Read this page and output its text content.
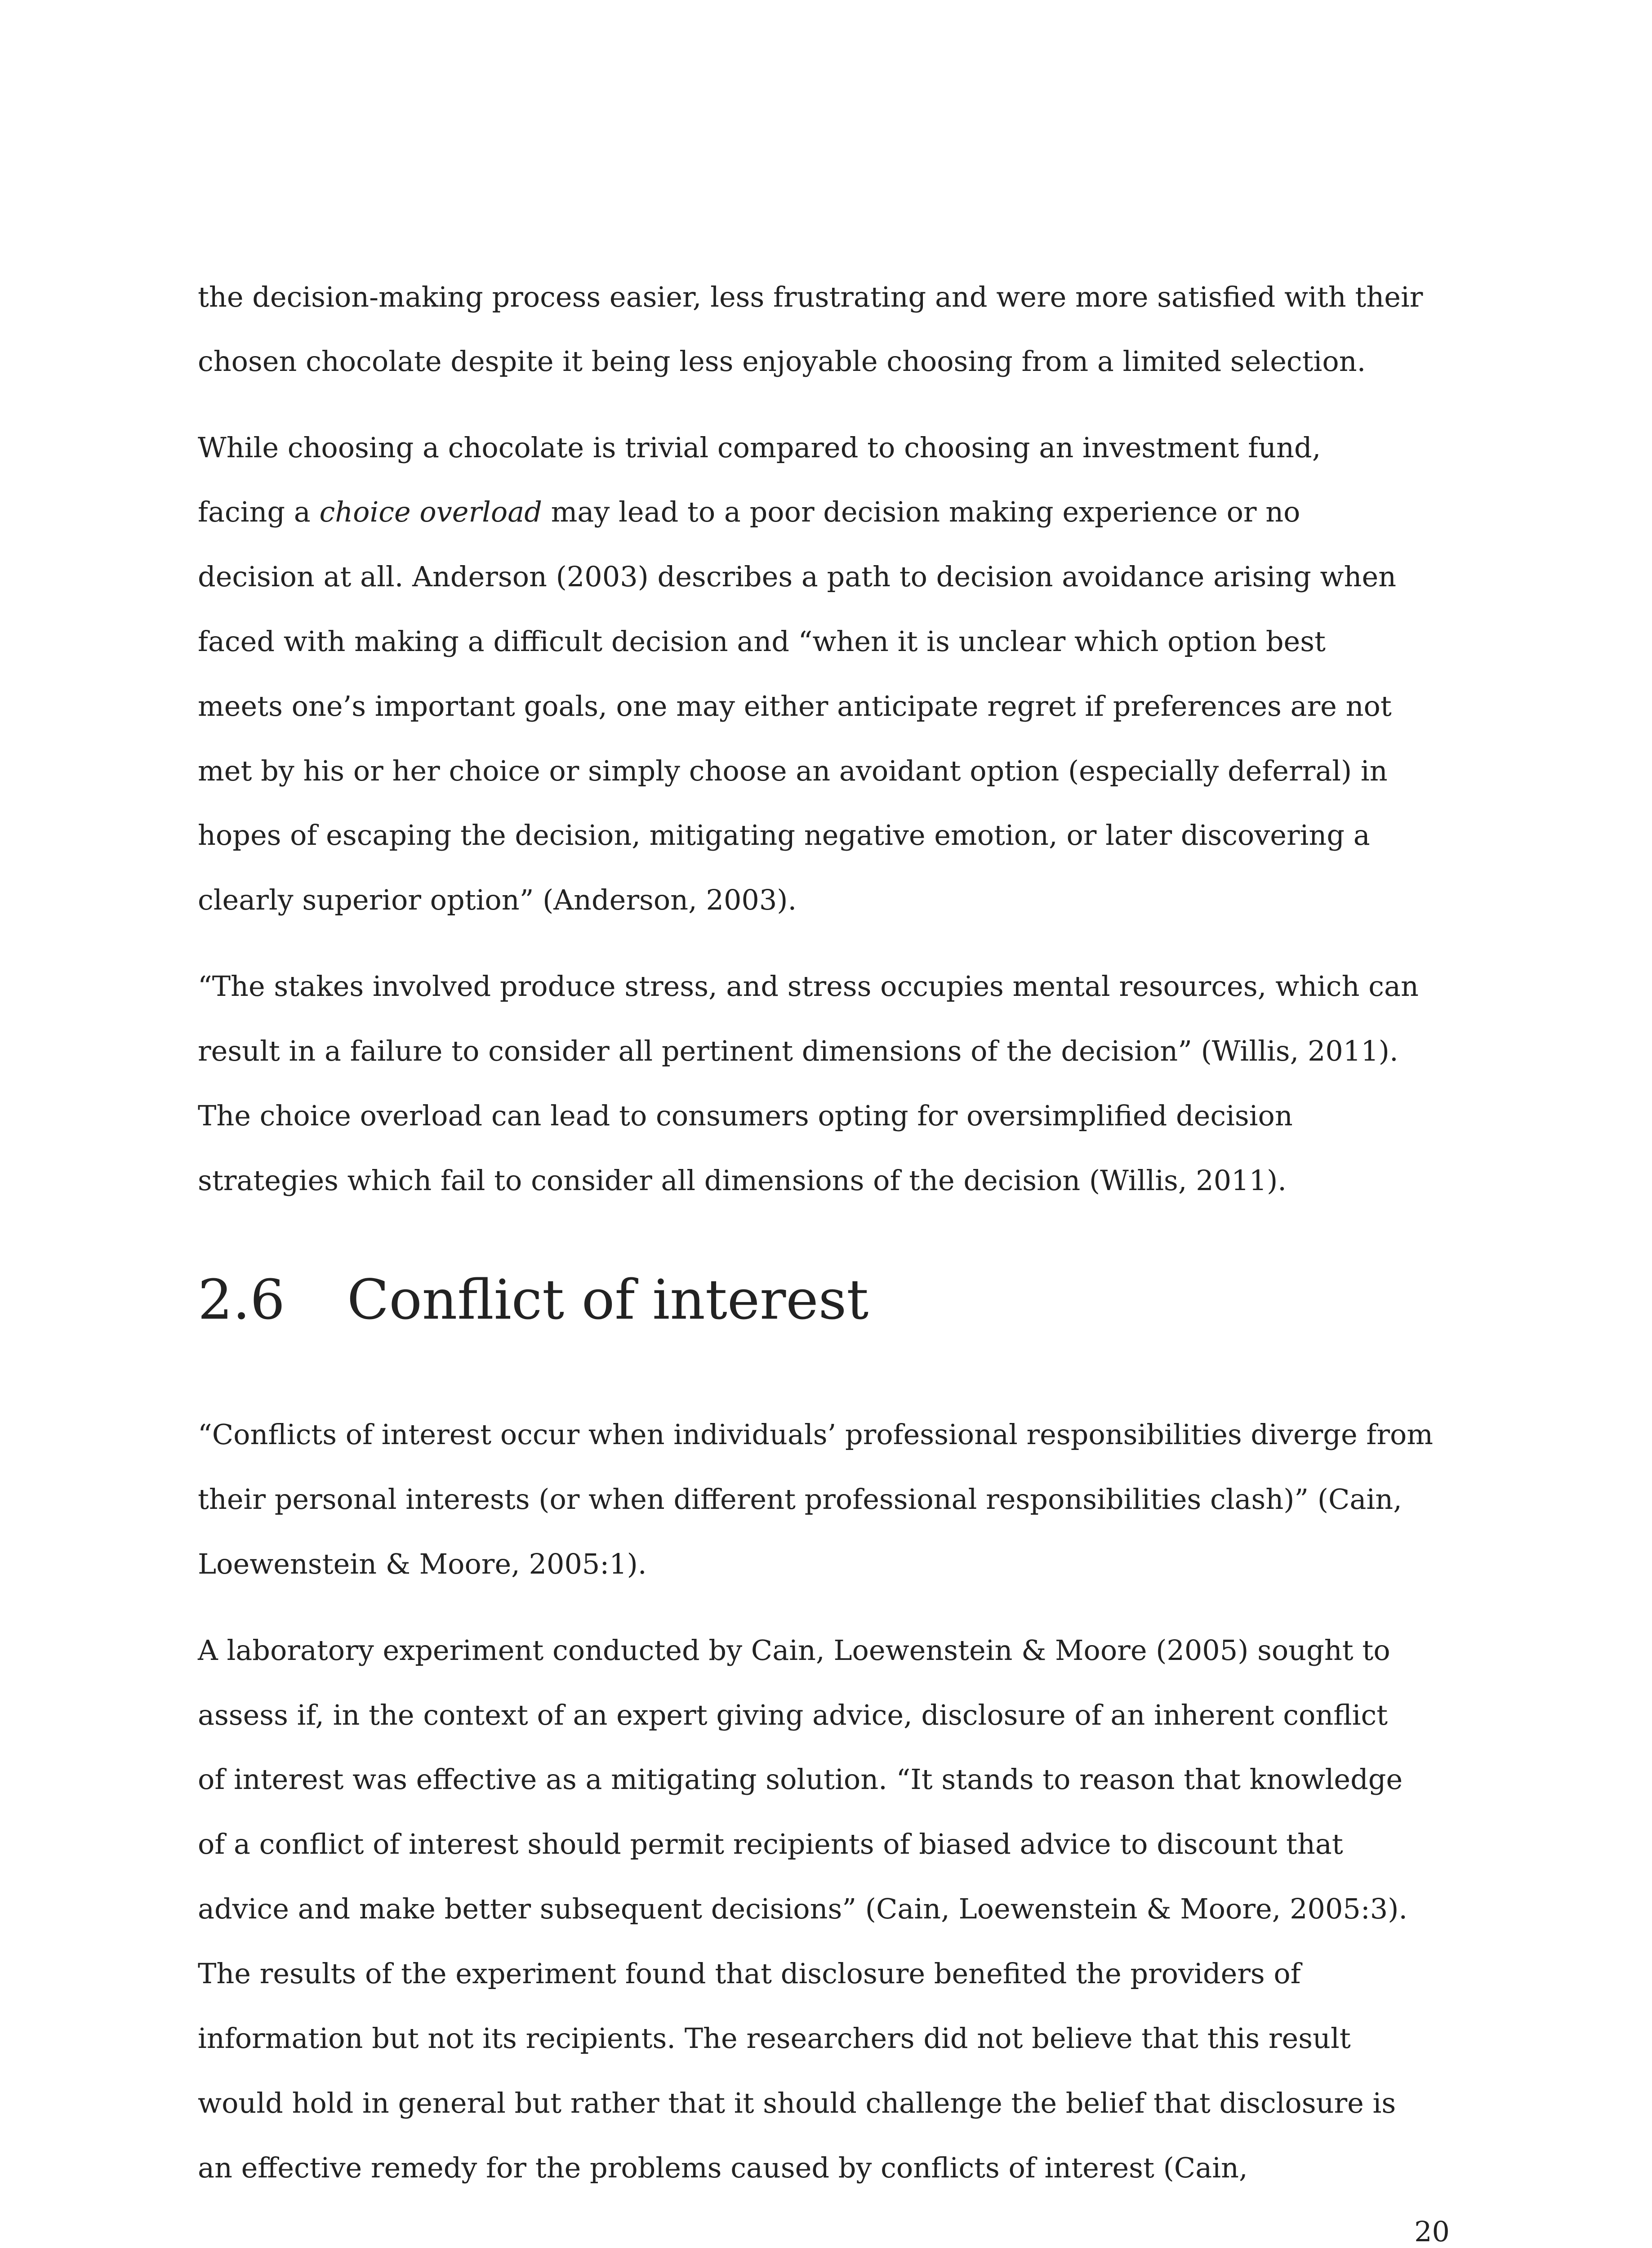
the decision-making process easier, less frustrating and were more satisfied with their
chosen chocolate despite it being less enjoyable choosing from a limited selection.
While choosing a chocolate is trivial compared to choosing an investment fund,
facing a choice overload may lead to a poor decision making experience or no
decision at all. Anderson (2003) describes a path to decision avoidance arising when
faced with making a difficult decision and “when it is unclear which option best
meets one’s important goals, one may either anticipate regret if preferences are not
met by his or her choice or simply choose an avoidant option (especially deferral) in
hopes of escaping the decision, mitigating negative emotion, or later discovering a
clearly superior option” (Anderson, 2003).
“The stakes involved produce stress, and stress occupies mental resources, which can
result in a failure to consider all pertinent dimensions of the decision” (Willis, 2011).
The choice overload can lead to consumers opting for oversimplified decision
strategies which fail to consider all dimensions of the decision (Willis, 2011).
2.6 Conflict of interest
“Conflicts of interest occur when individuals’ professional responsibilities diverge from
their personal interests (or when different professional responsibilities clash)” (Cain,
Loewenstein & Moore, 2005:1).
A laboratory experiment conducted by Cain, Loewenstein & Moore (2005) sought to
assess if, in the context of an expert giving advice, disclosure of an inherent conflict
of interest was effective as a mitigating solution. “It stands to reason that knowledge
of a conflict of interest should permit recipients of biased advice to discount that
advice and make better subsequent decisions” (Cain, Loewenstein & Moore, 2005:3).
The results of the experiment found that disclosure benefited the providers of
information but not its recipients. The researchers did not believe that this result
would hold in general but rather that it should challenge the belief that disclosure is
an effective remedy for the problems caused by conflicts of interest (Cain,
20
